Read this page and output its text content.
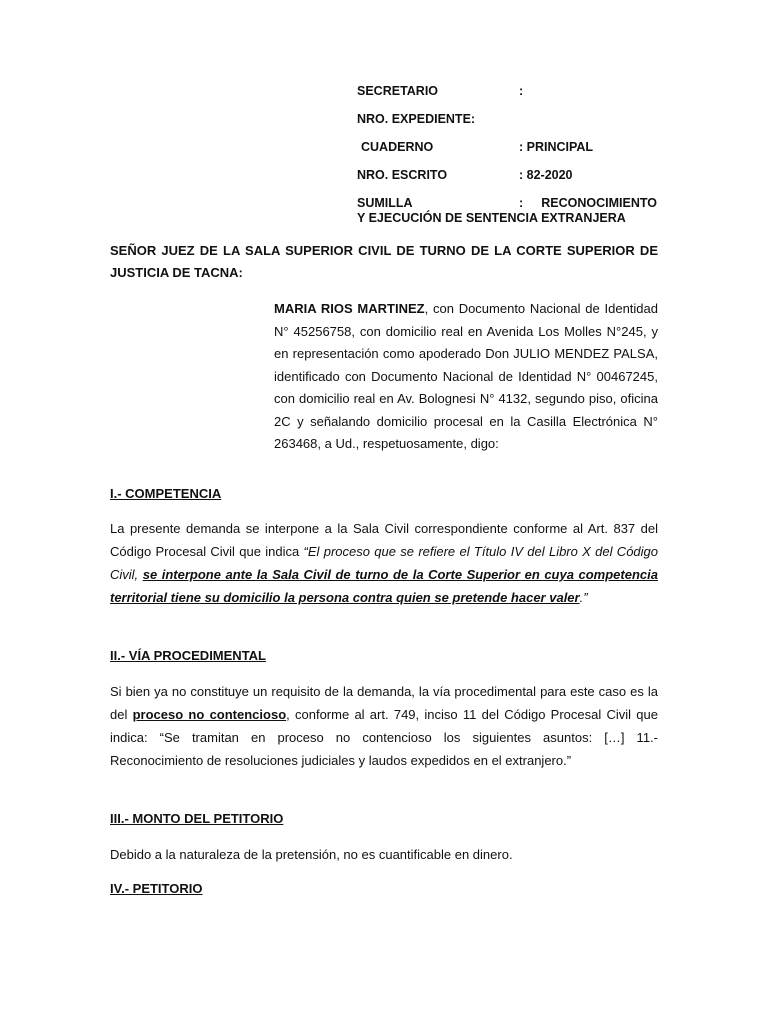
SECRETARIO	:
NRO. EXPEDIENTE:
CUADERNO	: PRINCIPAL
NRO. ESCRITO	: 82-2020
SUMILLA	: RECONOCIMIENTO
Y EJECUCIÓN DE SENTENCIA EXTRANJERA
SEÑOR JUEZ DE LA SALA SUPERIOR CIVIL DE TURNO DE LA CORTE SUPERIOR DE JUSTICIA DE TACNA:
MARIA RIOS MARTINEZ, con Documento Nacional de Identidad N° 45256758, con domicilio real en Avenida Los Molles N°245, y en representación como apoderado Don JULIO MENDEZ PALSA, identificado con Documento Nacional de Identidad N° 00467245, con domicilio real en Av. Bolognesi N° 4132, segundo piso, oficina 2C y señalando domicilio procesal en la Casilla Electrónica N° 263468, a Ud., respetuosamente, digo:
I.- COMPETENCIA
La presente demanda se interpone a la Sala Civil correspondiente conforme al Art. 837 del Código Procesal Civil que indica “El proceso que se refiere el Título IV del Libro X del Código Civil, se interpone ante la Sala Civil de turno de la Corte Superior en cuya competencia territorial tiene su domicilio la persona contra quien se pretende hacer valer.”
II.- VÍA PROCEDIMENTAL
Si bien ya no constituye un requisito de la demanda, la vía procedimental para este caso es la del proceso no contencioso, conforme al art. 749, inciso 11 del Código Procesal Civil que indica: “Se tramitan en proceso no contencioso los siguientes asuntos: […] 11.- Reconocimiento de resoluciones judiciales y laudos expedidos en el extranjero.”
III.- MONTO DEL PETITORIO
Debido a la naturaleza de la pretensión, no es cuantificable en dinero.
IV.- PETITORIO
